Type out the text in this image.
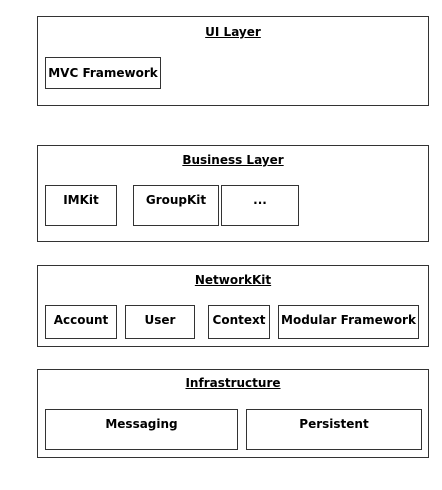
UI Layer
MVC Framework
Business Layer
IMKit	GroupKit	...
NetworkKit
Account	User	Context Modular Framework
Infrastructure
Messaging	Persistent
